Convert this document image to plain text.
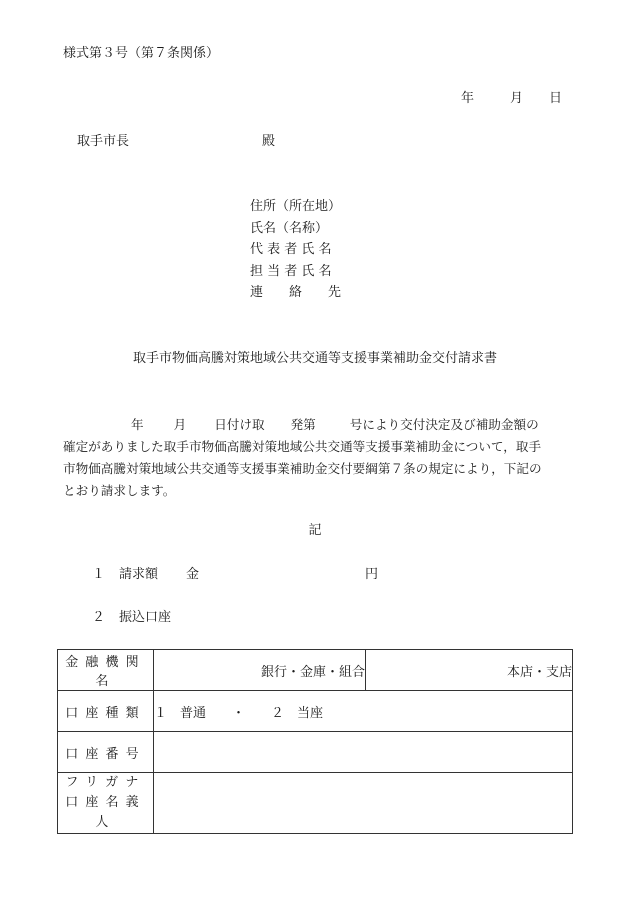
様式第３号（第７条関係）
年	月 日
取手市長	殿
住所（所在地）
氏名（名称）
代 表 者 氏 名
担 当 者 氏 名
連　　絡　　先
取手市物価高騰対策地域公共交通等支援事業補助金交付請求書
年 月 日付け取 発第	号により交付決定及び補助金額の
確定がありました取手市物価高騰対策地域公共交通等支援事業補助金について，取手
市物価高騰対策地域公共交通等支援事業補助金交付要綱第７条の規定により，下記の
とおり請求します。
記
１ 請求額 金	円
２ 振込口座
金融機関名	銀行・金庫・組合	本店・支店
口座種類	１　普通　　・　　２　当座	
口座番号		
フリガナ
口座名義人		
